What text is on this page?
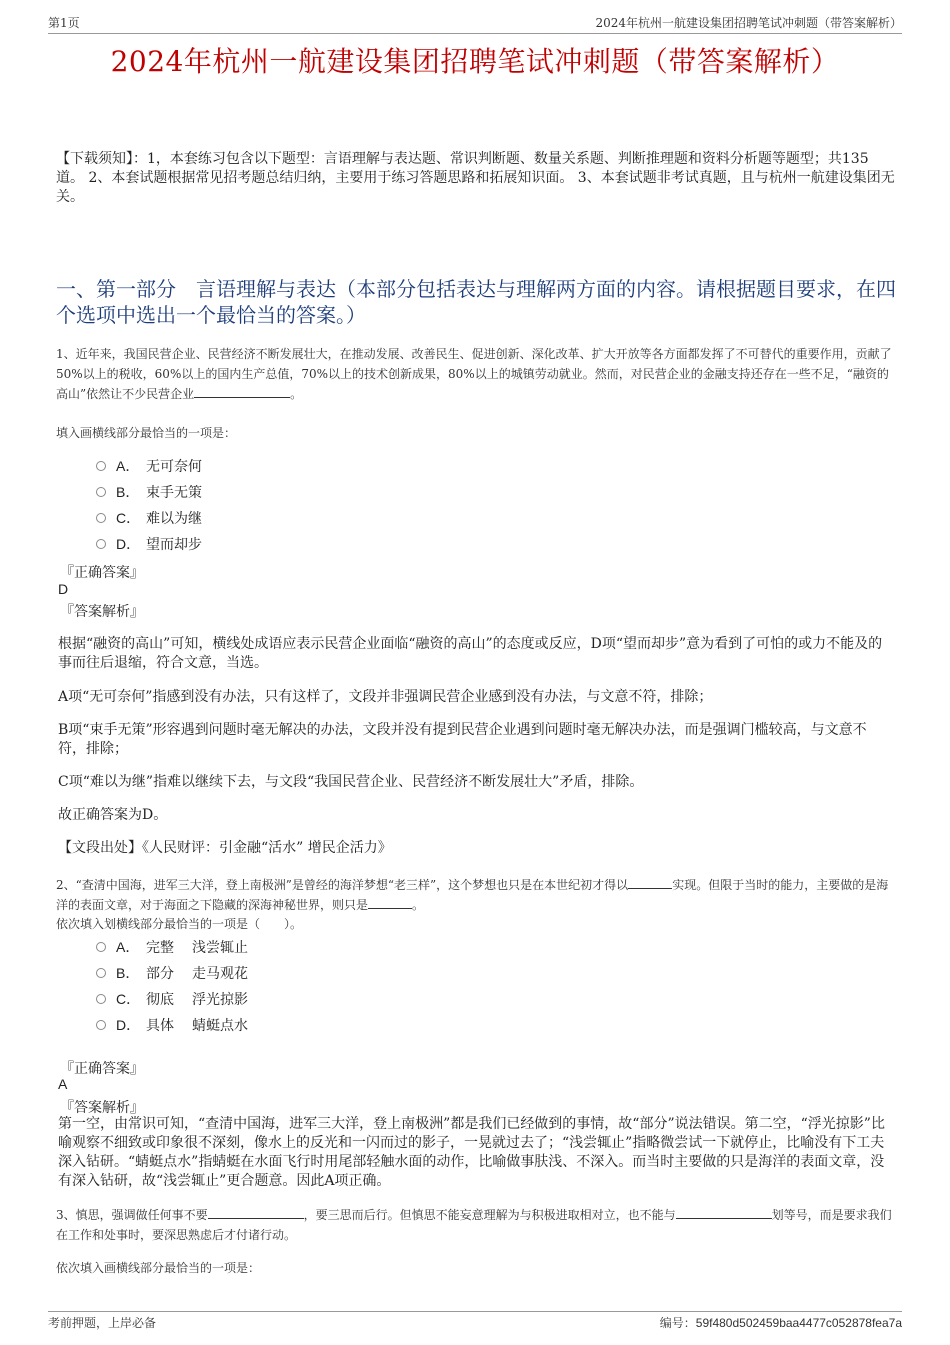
第1页	2024年杭州一航建设集团招聘笔试冲刺题（带答案解析）
2024年杭州一航建设集团招聘笔试冲刺题（带答案解析）
【下载须知】：1，本套练习包含以下题型：言语理解与表达题、常识判断题、数量关系题、判断推理题和资料分析题等题型；共135道。 2、本套试题根据常见招考题总结归纳，主要用于练习答题思路和拓展知识面。 3、本套试题非考试真题，且与杭州一航建设集团无关。
一、第一部分 言语理解与表达（本部分包括表达与理解两方面的内容。请根据题目要求，在四个选项中选出一个最恰当的答案。）
1、近年来，我国民营企业、民营经济不断发展壮大，在推动发展、改善民生、促进创新、深化改革、扩大开放等各方面都发挥了不可替代的重要作用，贡献了50%以上的税收，60%以上的国内生产总值，70%以上的技术创新成果，80%以上的城镇劳动就业。然而，对民营企业的金融支持还存在一些不足，“融资的高山”依然让不少民营企业	。
填入画横线部分最恰当的一项是：
A． 无可奈何
B． 束手无策
C． 难以为继
D． 望而却步
『正确答案』
D
『答案解析』
根据“融资的高山”可知，横线处成语应表示民营企业面临“融资的高山”的态度或反应，D项“望而却步”意为看到了可怕的或力不能及的事而往后退缩，符合文意，当选。
A项“无可奈何”指感到没有办法，只有这样了，文段并非强调民营企业感到没有办法，与文意不符，排除；
B项“束手无策”形容遇到问题时毫无解决的办法，文段并没有提到民营企业遇到问题时毫无解决办法，而是强调门槛较高，与文意不符，排除；
C项“难以为继”指难以继续下去，与文段“我国民营企业、民营经济不断发展壮大”矛盾，排除。
故正确答案为D。
【文段出处】《人民财评：引金融“活水” 增民企活力》
2、“查清中国海，进军三大洋，登上南极洲”是曾经的海洋梦想“老三样”，这个梦想也只是在本世纪初才得以	实现。但限于当时的能力，主要做的是海洋的表面文章，对于海面之下隐藏的深海神秘世界，则只是	。
依次填入划横线部分最恰当的一项是（　　）。
A． 完整 浅尝辄止
B． 部分 走马观花
C． 彻底 浮光掠影
D． 具体 蜻蜓点水
『正确答案』
A
『答案解析』
第一空，由常识可知，“查清中国海，进军三大洋，登上南极洲”都是我们已经做到的事情，故“部分”说法错误。第二空，“浮光掠影”比喻观察不细致或印象很不深刻，像水上的反光和一闪而过的影子，一晃就过去了；“浅尝辄止”指略微尝试一下就停止，比喻没有下工夫深入钻研。“蜻蜓点水”指蜻蜓在水面飞行时用尾部轻触水面的动作，比喻做事肤浅、不深入。而当时主要做的只是海洋的表面文章，没有深入钻研，故“浅尝辄止”更合题意。因此A项正确。
3、慎思，强调做任何事不要	，要三思而后行。但慎思不能妄意理解为与积极进取相对立，也不能与	划等号，而是要求我们在工作和处事时，要深思熟虑后才付诸行动。
依次填入画横线部分最恰当的一项是：
考前押题，上岸必备	编号：59f480d502459baa4477c052878fea7a
